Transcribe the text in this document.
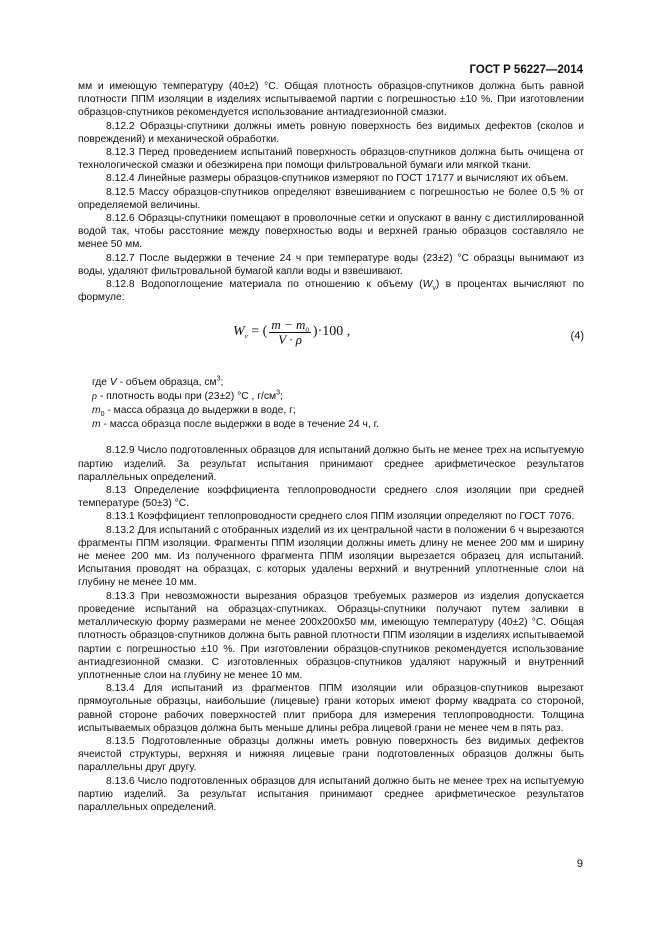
ГОСТ Р 56227—2014

мм и имеющую температуру (40±2) °С. Общая плотность образцов-спутников должна быть равной плотности ППМ изоляции в изделиях испытываемой партии с погрешностью ±10 %. При изготовлении образцов-спутников рекомендуется использование антиадгезионной смазки.

8.12.2 Образцы-спутники должны иметь ровную поверхность без видимых дефектов (сколов и повреждений) и механической обработки.

8.12.3 Перед проведением испытаний поверхность образцов-спутников должна быть очищена от технологической смазки и обезжирена при помощи фильтровальной бумаги или мягкой ткани.

8.12.4 Линейные размеры образцов-спутников измеряют по ГОСТ 17177 и вычисляют их объем.

8.12.5 Массу образцов-спутников определяют взвешиванием с погрешностью не более 0,5 % от определяемой величины.

8.12.6 Образцы-спутники помещают в проволочные сетки и опускают в ванну с дистиллированной водой так, чтобы расстояние между поверхностью воды и верхней гранью образцов составляло не менее 50 мм.

8.12.7 После выдержки в течение 24 ч при температуре воды (23±2) °С образцы вынимают из воды, удаляют фильтровальной бумагой капли воды и взвешивают.

8.12.8 Водопоглощение материала по отношению к объему $(W_v)$ в процентах вычисляют по формуле:

$W_v$ = ( $\frac{m - m_0}{V \cdot \rho} )\cdot 100$ ,	(4)

где V - объем образца, $см^3$;

ρ - плотность воды при (23±2) °С , $г/см^3$;

$m_0$ - масса образца до выдержки в воде, г;

m - масса образца после выдержки в воде в течение 24 ч, г.

8.12.9 Число подготовленных образцов для испытаний должно быть не менее трех на испытуемую партию изделий. За результат испытания принимают среднее арифметическое результатов параллельных определений.

8.13 Определение коэффициента теплопроводности среднего слоя изоляции при средней температуре (50±3) °С.

8.13.1 Коэффициент теплопроводности среднего слоя ППМ изоляции определяют по ГОСТ 7076.

8.13.2 Для испытаний с отобранных изделий из их центральной части в положении 6 ч вырезаются фрагменты ППМ изоляции. Фрагменты ППМ изоляции должны иметь длину не менее 200 мм и ширину не менее 200 мм. Из полученного фрагмента ППМ изоляции вырезается образец для испытаний. Испытания проводят на образцах, с которых удалены верхний и внутренний уплотненные слои на глубину не менее 10 мм.

8.13.3 При невозможности вырезания образцов требуемых размеров из изделия допускается проведение испытаний на образцах-спутниках. Образцы-спутники получают путем заливки в металлическую форму размерами не менее 200х200х50 мм, имеющую температуру (40±2) °С. Общая плотность образцов-спутников должна быть равной плотности ППМ изоляции в изделиях испытываемой партии с погрешностью ±10 %. При изготовлении образцов-спутников рекомендуется использование антиадгезионной смазки. С изготовленных образцов-спутников удаляют наружный и внутренний уплотненные слои на глубину не менее 10 мм.

8.13.4 Для испытаний из фрагментов ППМ изоляции или образцов-спутников вырезают прямоугольные образцы, наибольшие (лицевые) грани которых имеют форму квадрата со стороной, равной стороне рабочих поверхностей плит прибора для измерения теплопроводности. Толщина испытываемых образцов должна быть меньше длины ребра лицевой грани не менее чем в пять раз.

8.13.5 Подготовленные образцы должны иметь ровную поверхность без видимых дефектов ячеистой структуры, верхняя и нижняя лицевые грани подготовленных образцов должны быть параллельны друг другу.

8.13.6 Число подготовленных образцов для испытаний должно быть не менее трех на испытуемую партию изделий. За результат испытания принимают среднее арифметическое результатов параллельных определений.

9
